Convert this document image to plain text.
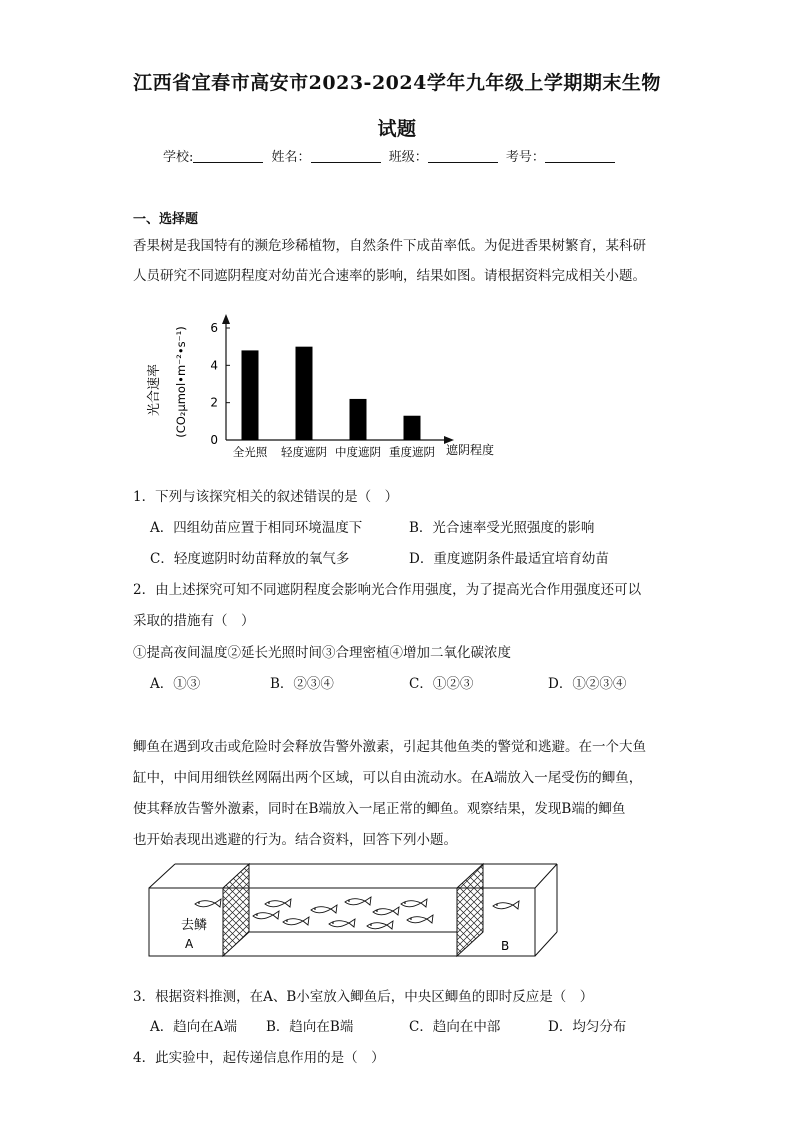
江西省宜春市高安市2023-2024学年九年级上学期期末生物
试题
学校:	姓名：	班级：	考号：
一、选择题
香果树是我国特有的濒危珍稀植物，自然条件下成苗率低。为促进香果树繁育，某科研
人员研究不同遮阴程度对幼苗光合速率的影响，结果如图。请根据资料完成相关小题。
光合速率 (CO₂μmol•m⁻²•s⁻¹)
0
2
4
6
全光照 轻度遮阴 中度遮阴 重度遮阴 遮阴程度
1．下列与该探究相关的叙述错误的是（　）
A．四组幼苗应置于相同环境温度下	B．光合速率受光照强度的影响
C．轻度遮阴时幼苗释放的氧气多	D．重度遮阴条件最适宜培育幼苗
2．由上述探究可知不同遮阴程度会影响光合作用强度，为了提高光合作用强度还可以
采取的措施有（　）
①提高夜间温度②延长光照时间③合理密植④增加二氧化碳浓度
A．①③	B．②③④	C．①②③	D．①②③④
鲫鱼在遇到攻击或危险时会释放告警外激素，引起其他鱼类的警觉和逃避。在一个大鱼
缸中，中间用细铁丝网隔出两个区域，可以自由流动水。在A端放入一尾受伤的鲫鱼，
使其释放告警外激素，同时在B端放入一尾正常的鲫鱼。观察结果，发现B端的鲫鱼
也开始表现出逃避的行为。结合资料，回答下列小题。
去鳞
A	B
3．根据资料推测，在A、B小室放入鲫鱼后，中央区鲫鱼的即时反应是（　）
A．趋向在A端 B．趋向在B端	C．趋向在中部	D．均匀分布
4．此实验中，起传递信息作用的是（　）
